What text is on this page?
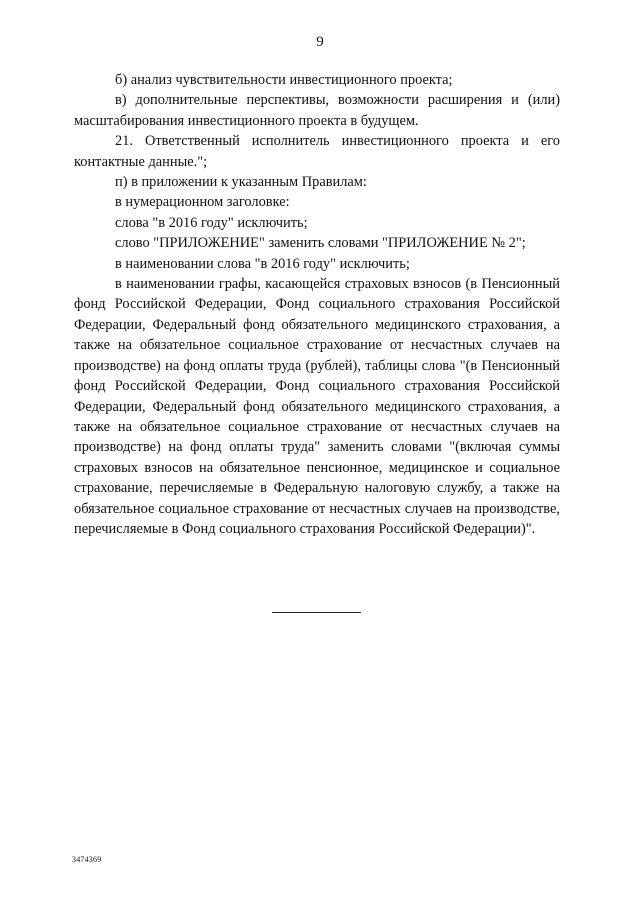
9

б) анализ чувствительности инвестиционного проекта;

в) дополнительные перспективы, возможности расширения и (или) масштабирования инвестиционного проекта в будущем.

21. Ответственный исполнитель инвестиционного проекта и его контактные данные.";

п) в приложении к указанным Правилам:

в нумерационном заголовке:

слова "в 2016 году" исключить;

слово "ПРИЛОЖЕНИЕ" заменить словами "ПРИЛОЖЕНИЕ № 2";

в наименовании слова "в 2016 году" исключить;

в наименовании графы, касающейся страховых взносов (в Пенсионный фонд Российской Федерации, Фонд социального страхования Российской Федерации, Федеральный фонд обязательного медицинского страхования, а также на обязательное социальное страхование от несчастных случаев на производстве) на фонд оплаты труда (рублей), таблицы слова "(в Пенсионный фонд Российской Федерации, Фонд социального страхования Российской Федерации, Федеральный фонд обязательного медицинского страхования, а также на обязательное социальное страхование от несчастных случаев на производстве) на фонд оплаты труда" заменить словами "(включая суммы страховых взносов на обязательное пенсионное, медицинское и социальное страхование, перечисляемые в Федеральную налоговую службу, а также на обязательное социальное страхование от несчастных случаев на производстве, перечисляемые в Фонд социального страхования Российской Федерации)".

3474369
